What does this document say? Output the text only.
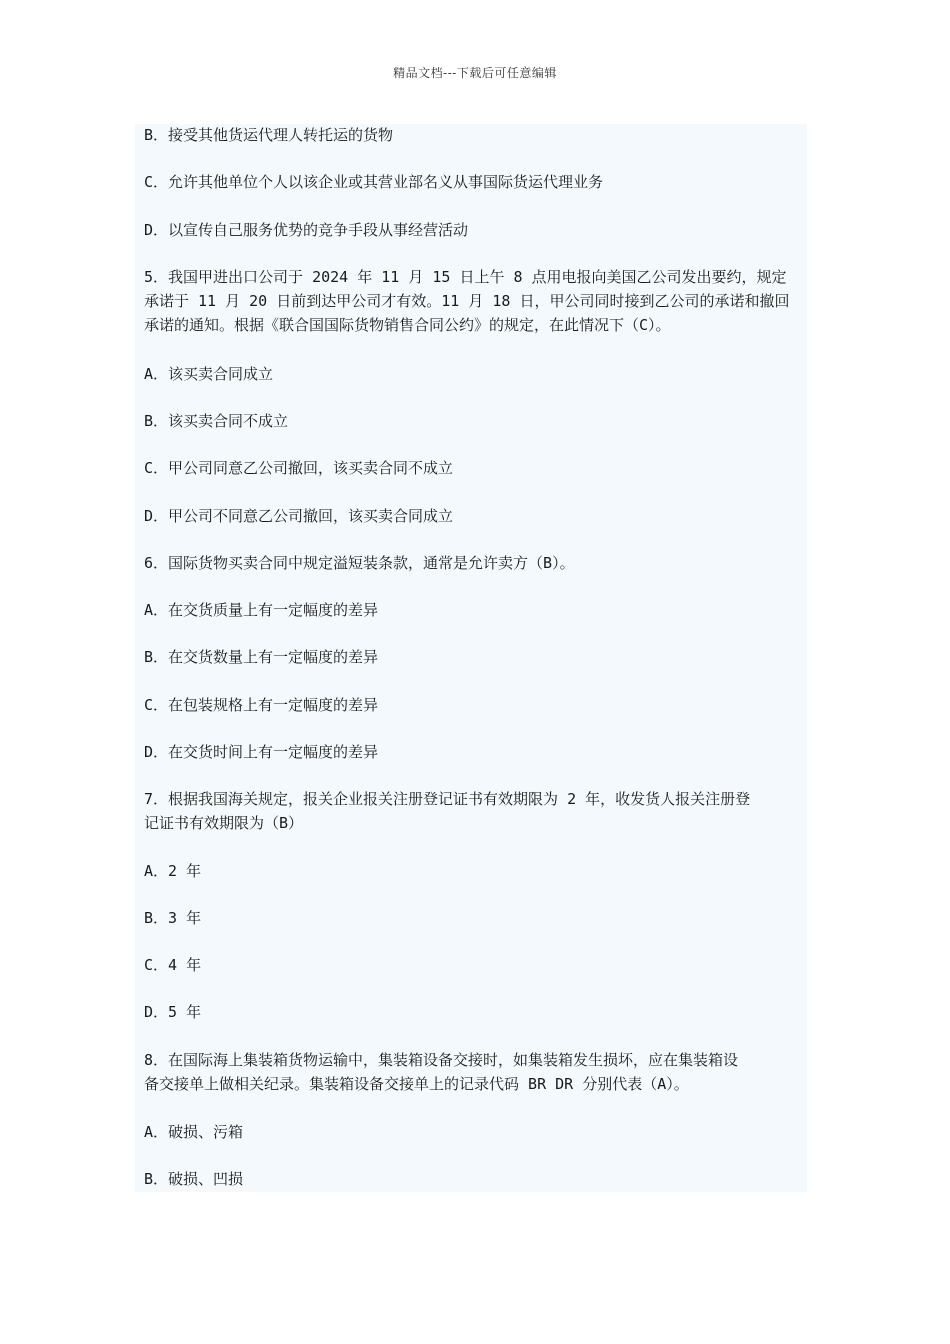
精品文档---下载后可任意编辑
B．接受其他货运代理人转托运的货物
C．允许其他单位个人以该企业或其营业部名义从事国际货运代理业务
D．以宣传自己服务优势的竞争手段从事经营活动
5．我国甲进出口公司于 2024 年 11 月 15 日上午 8 点用电报向美国乙公司发出要约，规定
承诺于 11 月 20 日前到达甲公司才有效。11 月 18 日，甲公司同时接到乙公司的承诺和撤回
承诺的通知。根据《联合国国际货物销售合同公约》的规定，在此情况下（C）。
A．该买卖合同成立
B．该买卖合同不成立
C．甲公司同意乙公司撤回，该买卖合同不成立
D．甲公司不同意乙公司撤回，该买卖合同成立
6．国际货物买卖合同中规定溢短装条款，通常是允许卖方（B）。
A．在交货质量上有一定幅度的差异
B．在交货数量上有一定幅度的差异
C．在包装规格上有一定幅度的差异
D．在交货时间上有一定幅度的差异
7．根据我国海关规定，报关企业报关注册登记证书有效期限为 2 年，收发货人报关注册登
记证书有效期限为（B）
A．2 年
B．3 年
C．4 年
D．5 年
8．在国际海上集装箱货物运输中，集装箱设备交接时，如集装箱发生损坏，应在集装箱设
备交接单上做相关纪录。集装箱设备交接单上的记录代码 BR DR 分别代表（A）。
A．破损、污箱
B．破损、凹损
